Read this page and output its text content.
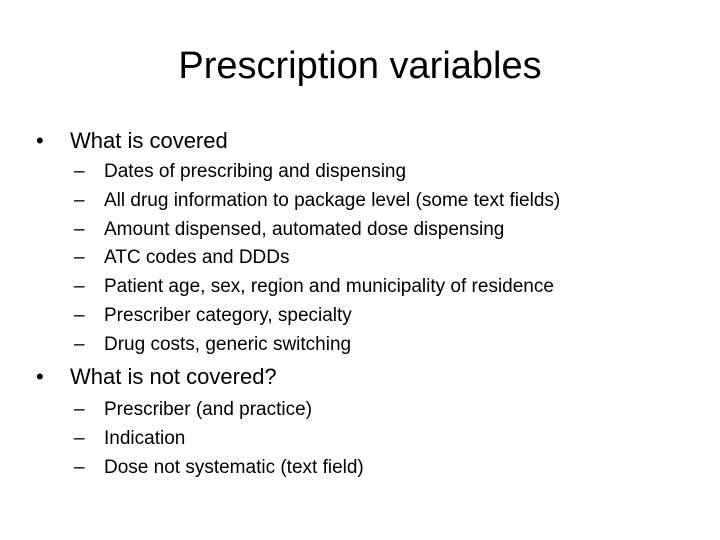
Prescription variables
•	What is covered
–	Dates of prescribing and dispensing
–	All drug information to package level (some text fields)
–	Amount dispensed, automated dose dispensing
–	ATC codes and DDDs
–	Patient age, sex, region and municipality of residence
–	Prescriber category, specialty
–	Drug costs, generic switching
•	What is not covered?
–	Prescriber (and practice)
–	Indication
–	Dose not systematic (text field)
